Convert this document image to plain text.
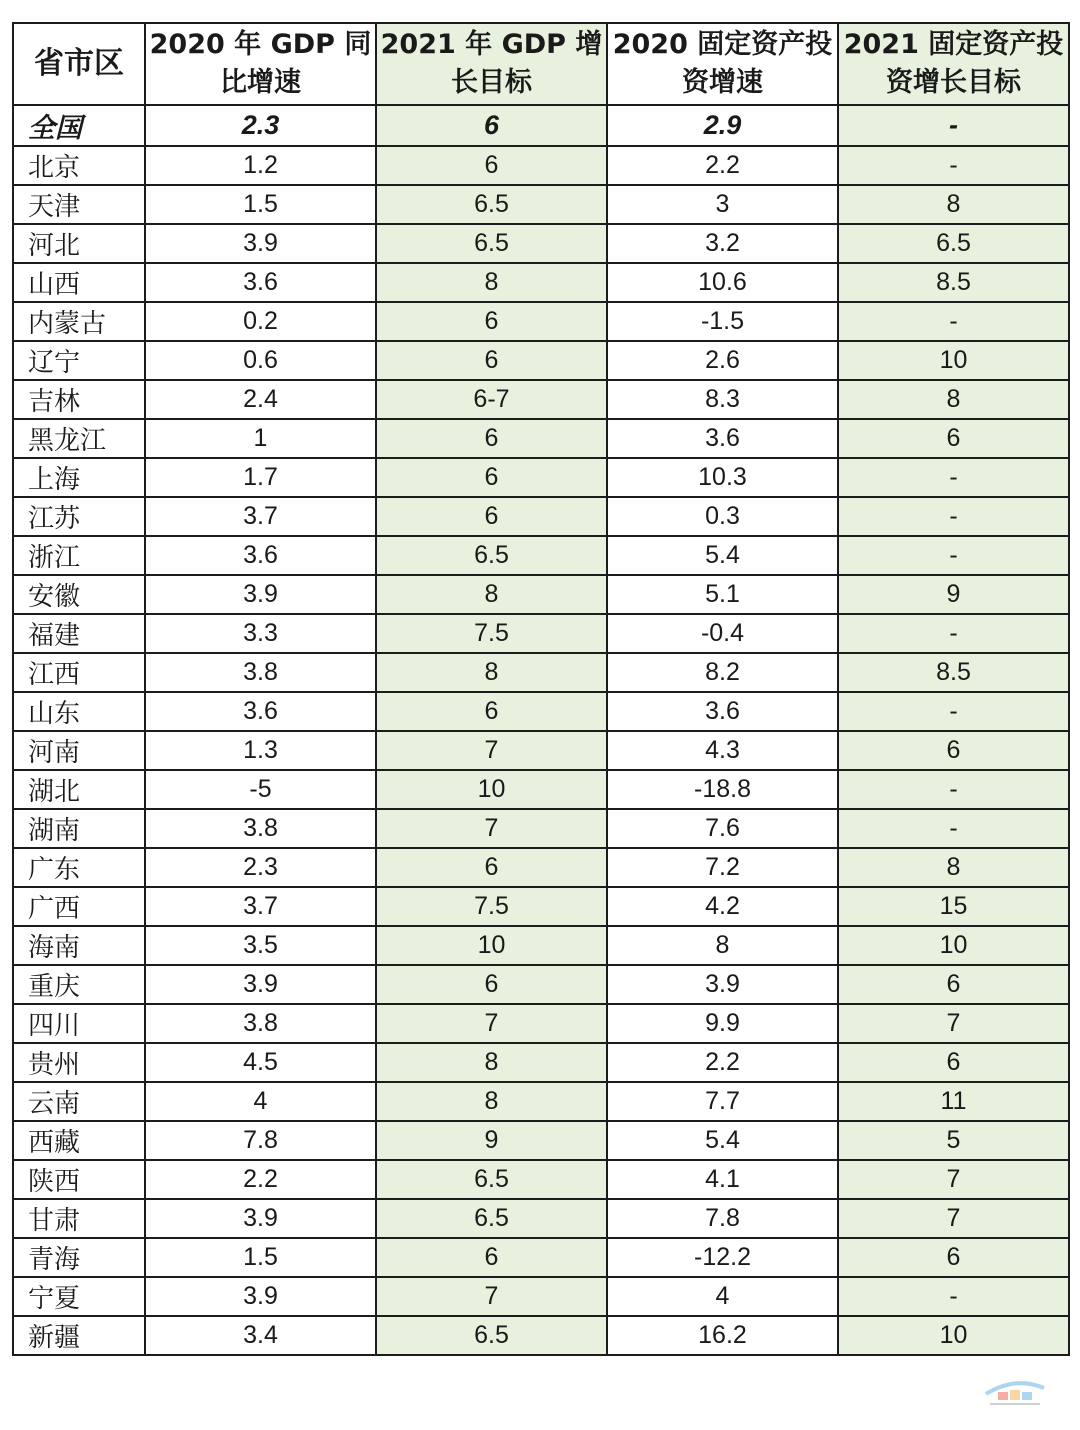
省市区	2020 年 GDP 同比增速	2021 年 GDP 增长目标	2020 固定资产投资增速	2021 固定资产投资增长目标
全国	2.3	6	2.9	-
北京	1.2	6	2.2	-
天津	1.5	6.5	3	8
河北	3.9	6.5	3.2	6.5
山西	3.6	8	10.6	8.5
内蒙古	0.2	6	-1.5	-
辽宁	0.6	6	2.6	10
吉林	2.4	6-7	8.3	8
黑龙江	1	6	3.6	6
上海	1.7	6	10.3	-
江苏	3.7	6	0.3	-
浙江	3.6	6.5	5.4	-
安徽	3.9	8	5.1	9
福建	3.3	7.5	-0.4	-
江西	3.8	8	8.2	8.5
山东	3.6	6	3.6	-
河南	1.3	7	4.3	6
湖北	-5	10	-18.8	-
湖南	3.8	7	7.6	-
广东	2.3	6	7.2	8
广西	3.7	7.5	4.2	15
海南	3.5	10	8	10
重庆	3.9	6	3.9	6
四川	3.8	7	9.9	7
贵州	4.5	8	2.2	6
云南	4	8	7.7	11
西藏	7.8	9	5.4	5
陕西	2.2	6.5	4.1	7
甘肃	3.9	6.5	7.8	7
青海	1.5	6	-12.2	6
宁夏	3.9	7	4	-
新疆	3.4	6.5	16.2	10
